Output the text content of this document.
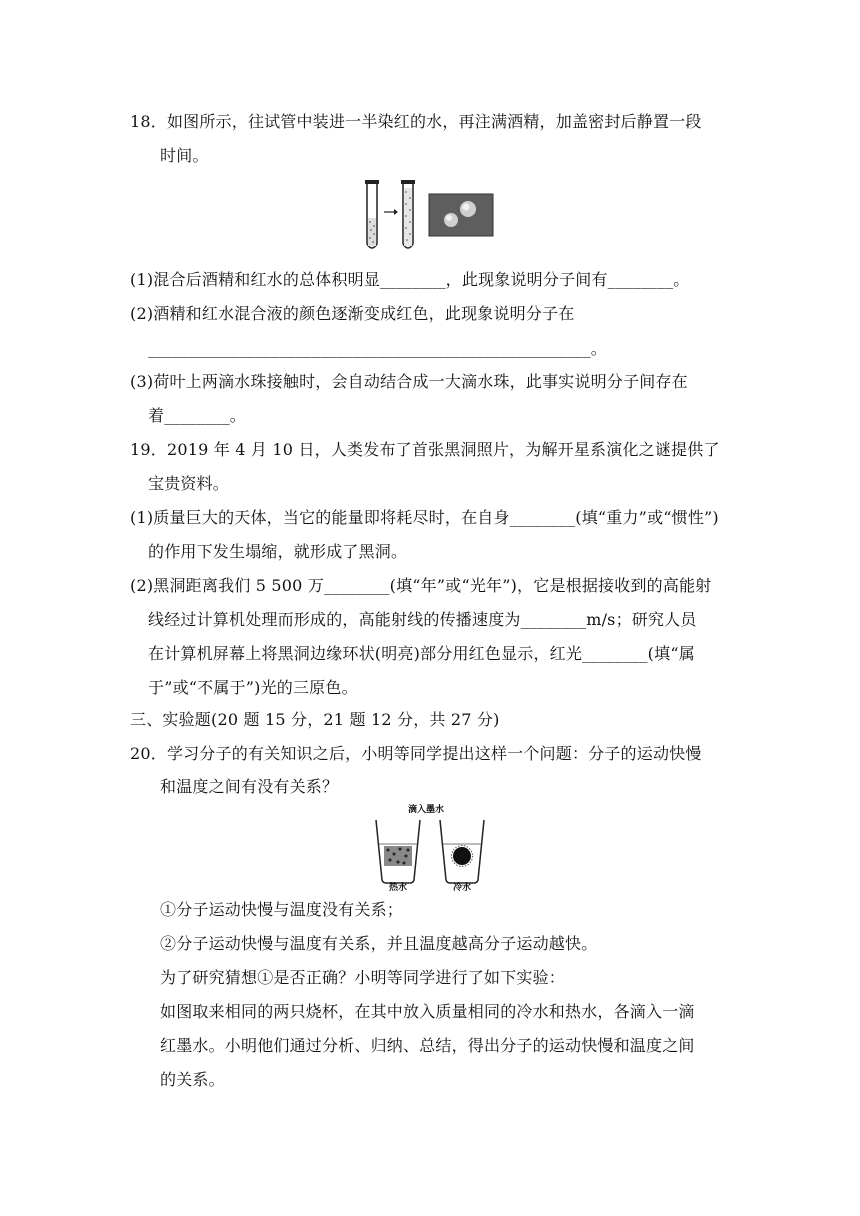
18．如图所示，往试管中装进一半染红的水，再注满酒精，加盖密封后静置一段
时间。
(1)混合后酒精和红水的总体积明显________，此现象说明分子间有________。
(2)酒精和红水混合液的颜色逐渐变成红色，此现象说明分子在
______________________________________________________。
(3)荷叶上两滴水珠接触时，会自动结合成一大滴水珠，此事实说明分子间存在
着________。
19．2019 年 4 月 10 日，人类发布了首张黑洞照片，为解开星系演化之谜提供了
宝贵资料。
(1)质量巨大的天体，当它的能量即将耗尽时，在自身________(填“重力”或“惯性”)
的作用下发生塌缩，就形成了黑洞。
(2)黑洞距离我们 5 500 万________(填“年”或“光年”)，它是根据接收到的高能射
线经过计算机处理而形成的，高能射线的传播速度为________m/s；研究人员
在计算机屏幕上将黑洞边缘环状(明亮)部分用红色显示，红光________(填“属
于”或“不属于”)光的三原色。
三、实验题(20 题 15 分，21 题 12 分，共 27 分)
20．学习分子的有关知识之后，小明等同学提出这样一个问题：分子的运动快慢
和温度之间有没有关系？
滴入墨水
热水	冷水
①分子运动快慢与温度没有关系；
②分子运动快慢与温度有关系，并且温度越高分子运动越快。
为了研究猜想①是否正确？小明等同学进行了如下实验：
如图取来相同的两只烧杯，在其中放入质量相同的冷水和热水，各滴入一滴
红墨水。小明他们通过分析、归纳、总结，得出分子的运动快慢和温度之间
的关系。
